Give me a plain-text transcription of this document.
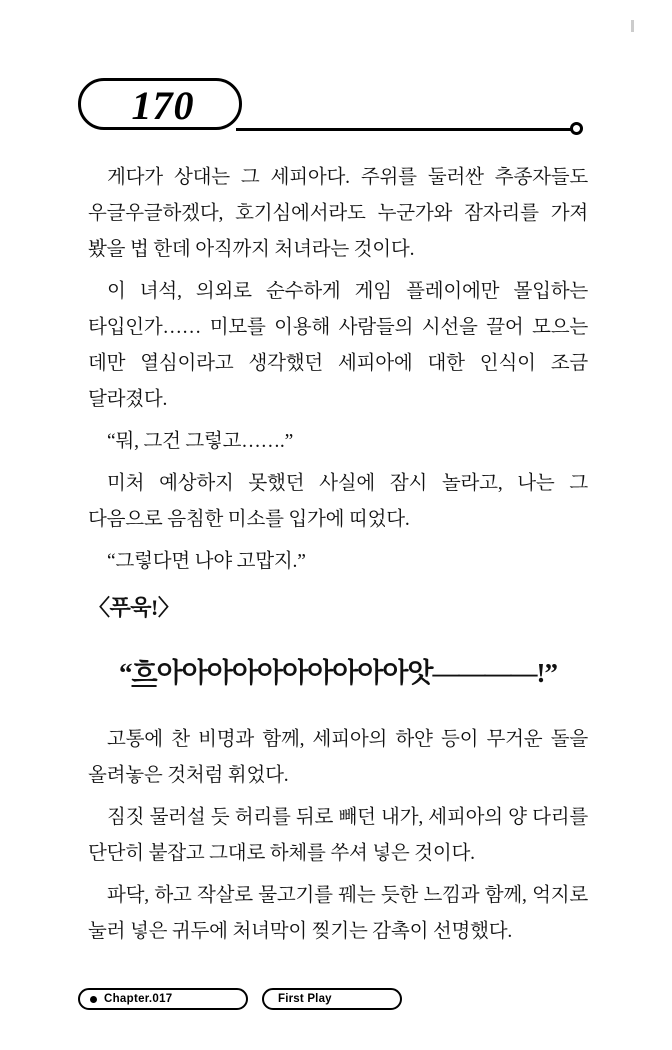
170

게다가 상대는 그 세피아다. 주위를 둘러싼 추종자들도 우글우글하겠다, 호기심에서라도 누군가와 잠자리를 가져 봤을 법 한데 아직까지 처녀라는 것이다.

이 녀석, 의외로 순수하게 게임 플레이에만 몰입하는 타입인가…… 미모를 이용해 사람들의 시선을 끌어 모으는 데만 열심이라고 생각했던 세피아에 대한 인식이 조금 달라졌다.

“뭐, 그건 그렇고…….”

미처 예상하지 못했던 사실에 잠시 놀라고, 나는 그 다음으로 음침한 미소를 입가에 띠었다.

“그렇다면 나야 고맙지.”

〈푸욱!〉

“흐아아아아아아아아아아앗————!”

고통에 찬 비명과 함께, 세피아의 하얀 등이 무거운 돌을 올려놓은 것처럼 휘었다.

짐짓 물러설 듯 허리를 뒤로 빼던 내가, 세피아의 양 다리를 단단히 붙잡고 그대로 하체를 쑤셔 넣은 것이다.

파닥, 하고 작살로 물고기를 꿰는 듯한 느낌과 함께, 억지로 눌러 넣은 귀두에 처녀막이 찢기는 감촉이 선명했다.

Chapter.017	First Play
